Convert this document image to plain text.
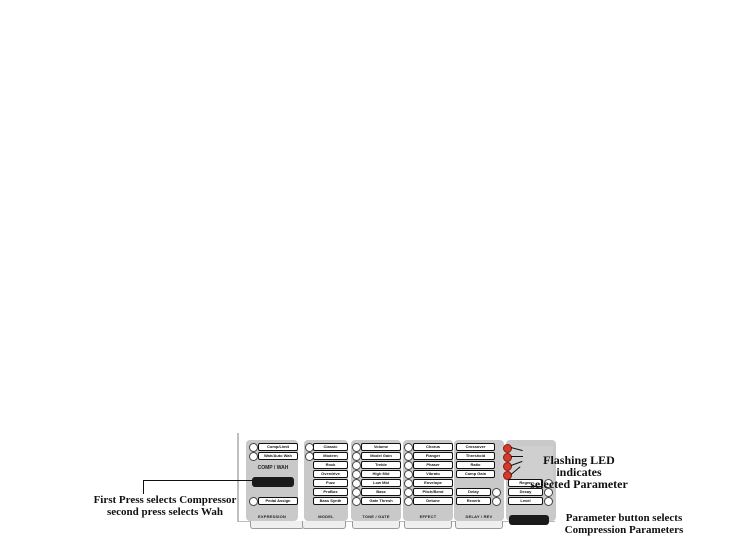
EXPRESSION	MODEL	TONE / GATE	EFFECT	DELAY / REV
Comp/Limit
Wah/Auto Wah
COMP / WAH
Pedal Assign
Classic
Modern
Rock
Overdrive
Fuzz
ProBox
Bass Synth
Volume
Model Gain
Treble
High Mid
Low Mid
Bass
Gate Thresh
Chorus
Flanger
Phaser
Vibrato
Envelope
Pitch/Bend
Detune
Crossover
Threshold
Ratio
Comp Gain
Delay
Reverb
Regen
Decay
Level
Flashing LED indicates
selected Parameter
First Press selects Compressor
second press selects Wah	Parameter button selects
Compression Parameters
